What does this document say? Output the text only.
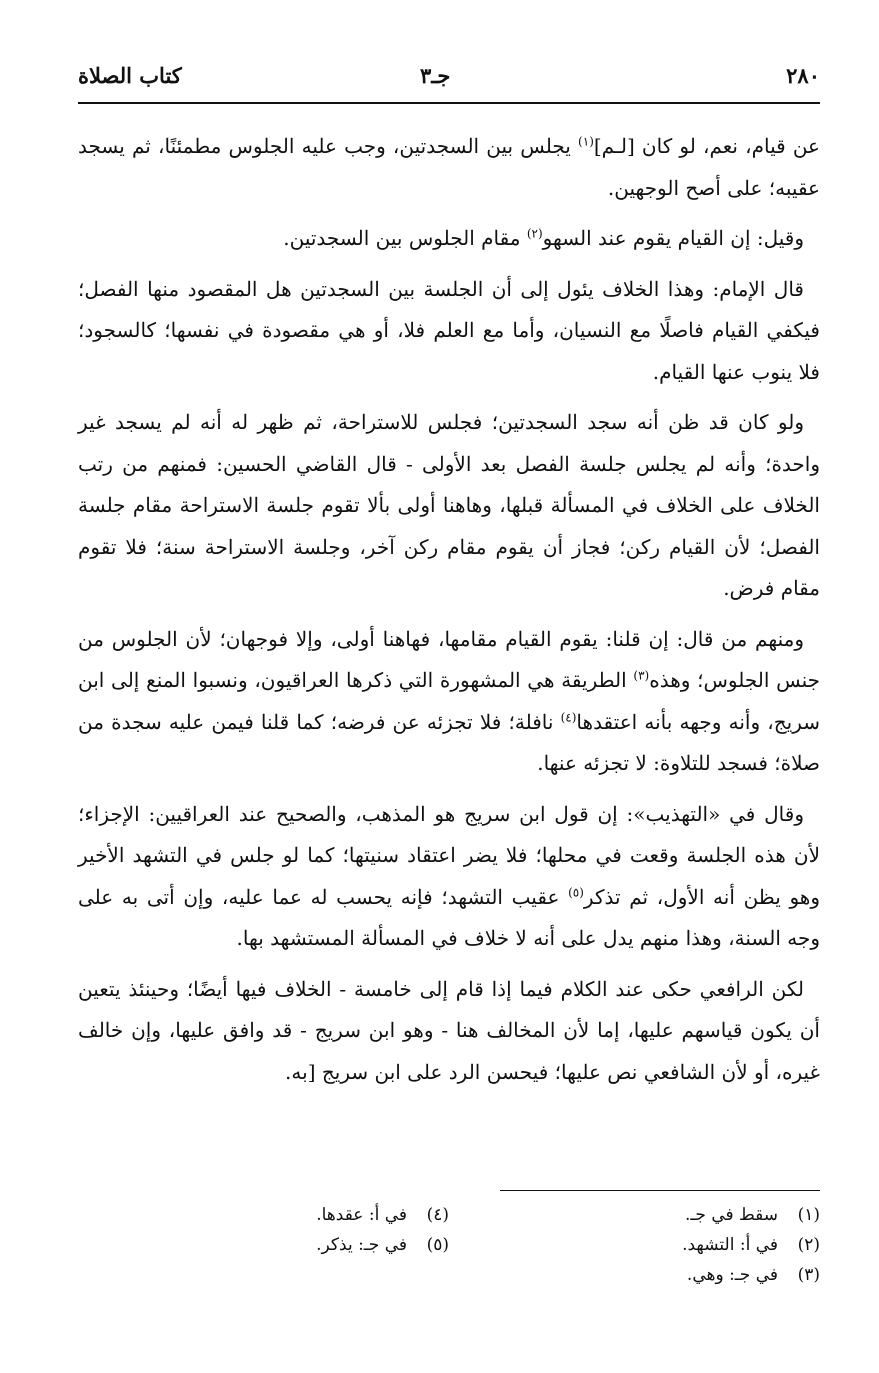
٢٨٠
جـ٣
كتاب الصلاة

عن قيام، نعم، لو كان [لـم]$^{(١)}$ يجلس بين السجدتين، وجب عليه الجلوس مطمئنًا، ثم يسجد عقيبه؛ على أصح الوجهين.

وقيل: إن القيام يقوم عند السهو$^{(٢)}$ مقام الجلوس بين السجدتين.

قال الإمام: وهذا الخلاف يئول إلى أن الجلسة بين السجدتين هل المقصود منها الفصل؛ فيكفي القيام فاصلًا مع النسيان، وأما مع العلم فلا، أو هي مقصودة في نفسها؛ كالسجود؛ فلا ينوب عنها القيام.

ولو كان قد ظن أنه سجد السجدتين؛ فجلس للاستراحة، ثم ظهر له أنه لم يسجد غير واحدة؛ وأنه لم يجلس جلسة الفصل بعد الأولى - قال القاضي الحسين: فمنهم من رتب الخلاف على الخلاف في المسألة قبلها، وهاهنا أولى بألا تقوم جلسة الاستراحة مقام جلسة الفصل؛ لأن القيام ركن؛ فجاز أن يقوم مقام ركن آخر، وجلسة الاستراحة سنة؛ فلا تقوم مقام فرض.

ومنهم من قال: إن قلنا: يقوم القيام مقامها، فهاهنا أولى، وإلا فوجهان؛ لأن الجلوس من جنس الجلوس؛ وهذه$^{(٣)}$ الطريقة هي المشهورة التي ذكرها العراقيون، ونسبوا المنع إلى ابن سريج، وأنه وجهه بأنه اعتقدها$^{(٤)}$ نافلة؛ فلا تجزئه عن فرضه؛ كما قلنا فيمن عليه سجدة من صلاة؛ فسجد للتلاوة: لا تجزئه عنها.

وقال في «التهذيب»: إن قول ابن سريج هو المذهب، والصحيح عند العراقيين: الإجزاء؛ لأن هذه الجلسة وقعت في محلها؛ فلا يضر اعتقاد سنيتها؛ كما لو جلس في التشهد الأخير وهو يظن أنه الأول، ثم تذكر$^{(٥)}$ عقيب التشهد؛ فإنه يحسب له عما عليه، وإن أتى به على وجه السنة، وهذا منهم يدل على أنه لا خلاف في المسألة المستشهد بها.

لكن الرافعي حكى عند الكلام فيما إذا قام إلى خامسة - الخلاف فيها أيضًا؛ وحينئذ يتعين أن يكون قياسهم عليها، إما لأن المخالف هنا - وهو ابن سريج - قد وافق عليها، وإن خالف غيره، أو لأن الشافعي نص عليها؛ فيحسن الرد على ابن سريج [به.

(١)سقط في جـ.
(٢)في أ: التشهد.
(٣)في جـ: وهي.
(٤)في أ: عقدها.
(٥)في جـ: يذكر.
